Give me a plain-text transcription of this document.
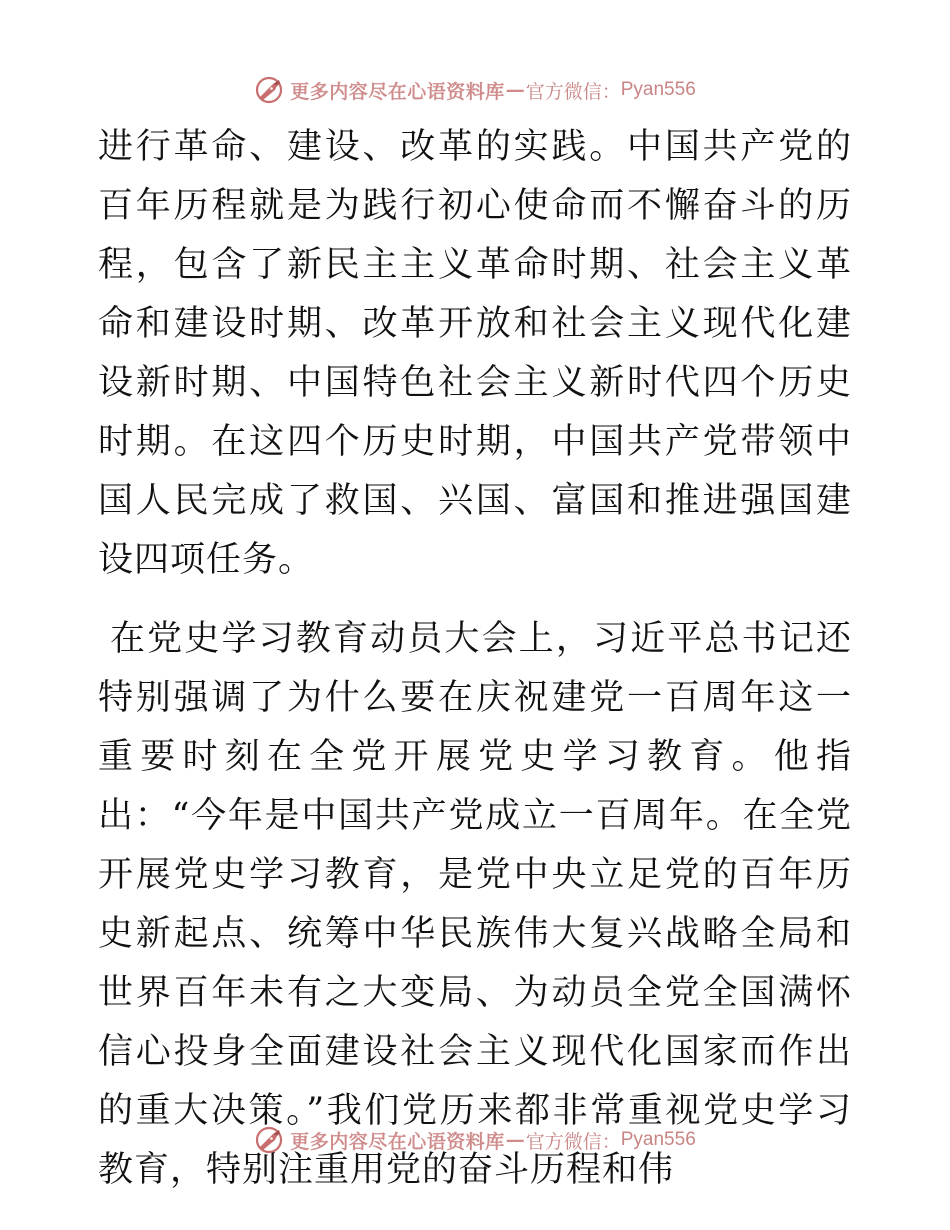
更多内容尽在心语资料库 — 官方微信： Pyan556

进行革命、建设、改革的实践。中国共产党的百年历程就是为践行初心使命而不懈奋斗的历程，包含了新民主主义革命时期、社会主义革命和建设时期、改革开放和社会主义现代化建设新时期、中国特色社会主义新时代四个历史时期。在这四个历史时期，中国共产党带领中国人民完成了救国、兴国、富国和推进强国建设四项任务。

在党史学习教育动员大会上，习近平总书记还特别强调了为什么要在庆祝建党一百周年这一重要时刻在全党开展党史学习教育。他指出：“今年是中国共产党成立一百周年。在全党开展党史学习教育，是党中央立足党的百年历史新起点、统筹中华民族伟大复兴战略全局和世界百年未有之大变局、为动员全党全国满怀信心投身全面建设社会主义现代化国家而作出的重大决策。”我们党历来都非常重视党史学习教育，特别注重用党的奋斗历程和伟

更多内容尽在心语资料库 — 官方微信： Pyan556
